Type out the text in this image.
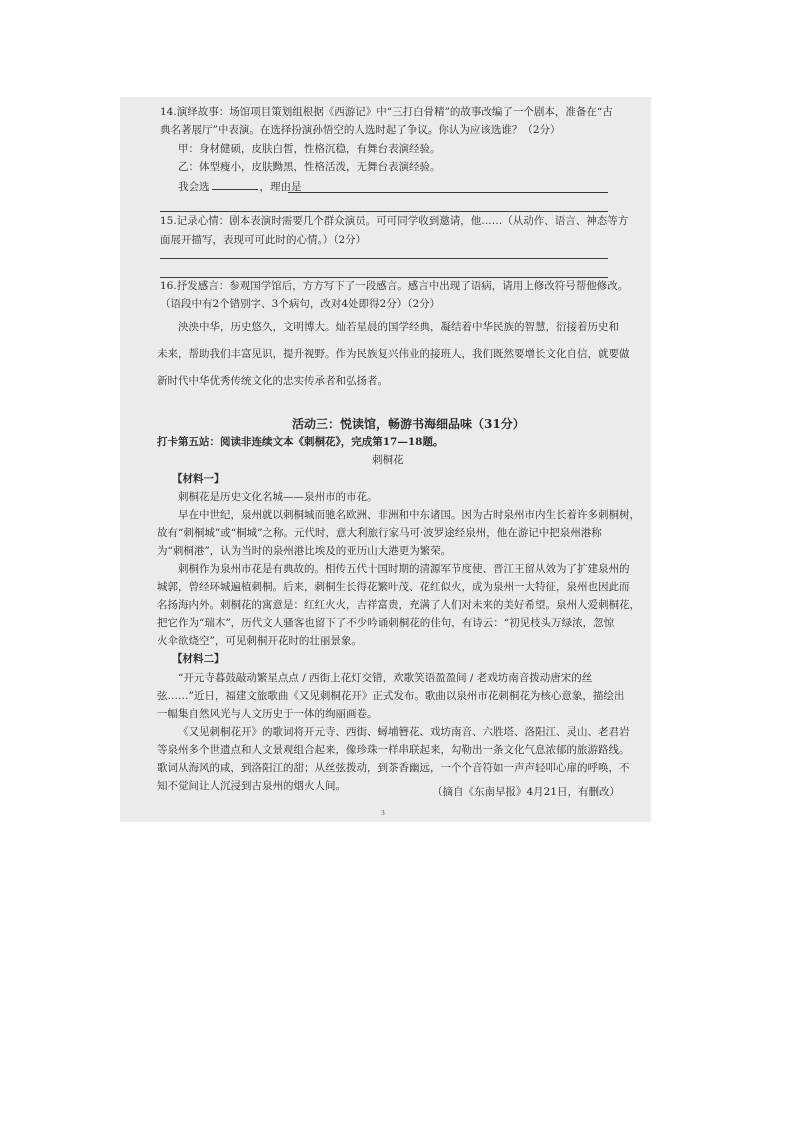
14.演绎故事：场馆项目策划组根据《西游记》中“三打白骨精”的故事改编了一个剧本，准备在“古
典名著展厅”中表演。在选择扮演孙悟空的人选时起了争议。你认为应该选谁？（2分）
甲：身材健硕，皮肤白皙，性格沉稳，有舞台表演经验。
乙：体型瘦小，皮肤黝黑，性格活泼，无舞台表演经验。
我会选	，理由是
15.记录心情：剧本表演时需要几个群众演员。可可同学收到邀请，他……（从动作、语言、神态等方
面展开描写，表现可可此时的心情。）（2分）
16.抒发感言：参观国学馆后，方方写下了一段感言。感言中出现了语病，请用上修改符号帮他修改。
（语段中有2个错别字、3个病句，改对4处即得2分）（2分）
泱泱中华，历史悠久，文明博大。灿若星晨的国学经典，凝结着中华民族的智慧，衍接着历史和
未来，帮助我们丰富见识，提升视野。作为民族复兴伟业的接班人，我们既然要增长文化自信，就要做
新时代中华优秀传统文化的忠实传承者和弘扬者。
活动三：悦读馆，畅游书海细品味（31分）
打卡第五站：阅读非连续文本《刺桐花》，完成第17—18题。
刺桐花
【材料一】
刺桐花是历史文化名城——泉州市的市花。
早在中世纪，泉州就以刺桐城而驰名欧洲、非洲和中东诸国。因为古时泉州市内生长着许多刺桐树，
故有“刺桐城”或“桐城”之称。元代时，意大利旅行家马可·波罗途经泉州，他在游记中把泉州港称
为“刺桐港”，认为当时的泉州港比埃及的亚历山大港更为繁荣。
刺桐作为泉州市花是有典故的。相传五代十国时期的清源军节度使、晋江王留从效为了扩建泉州的
城郭，曾经环城遍植刺桐。后来，刺桐生长得花繁叶茂、花红似火，成为泉州一大特征，泉州也因此而
名扬海内外。刺桐花的寓意是：红红火火，吉祥富贵，充满了人们对未来的美好希望。泉州人爱刺桐花，
把它作为“瑞木”，历代文人骚客也留下了不少吟诵刺桐花的佳句，有诗云：“初见枝头万绿浓，忽惊
火伞欲烧空”，可见刺桐开花时的壮丽景象。
【材料二】
“开元寺暮鼓敲动繁星点点 / 西街上花灯交错，欢歌笑语盈盈间 / 老戏坊南音拨动唐宋的丝
弦……”近日，福建文旅歌曲《又见刺桐花开》正式发布。歌曲以泉州市花刺桐花为核心意象，描绘出
一幅集自然风光与人文历史于一体的绚丽画卷。
《又见刺桐花开》的歌词将开元寺、西街、蟳埔簪花、戏坊南音、六胜塔、洛阳江、灵山、老君岩
等泉州多个世遗点和人文景观组合起来，像珍珠一样串联起来，勾勒出一条文化气息浓郁的旅游路线。
歌词从海风的咸，到洛阳江的甜；从丝弦拨动，到茶香幽远，一个个音符如一声声轻叩心扉的呼唤，不
知不觉间让人沉浸到古泉州的烟火人间。	（摘自《东南早报》4月21日，有删改）
3
